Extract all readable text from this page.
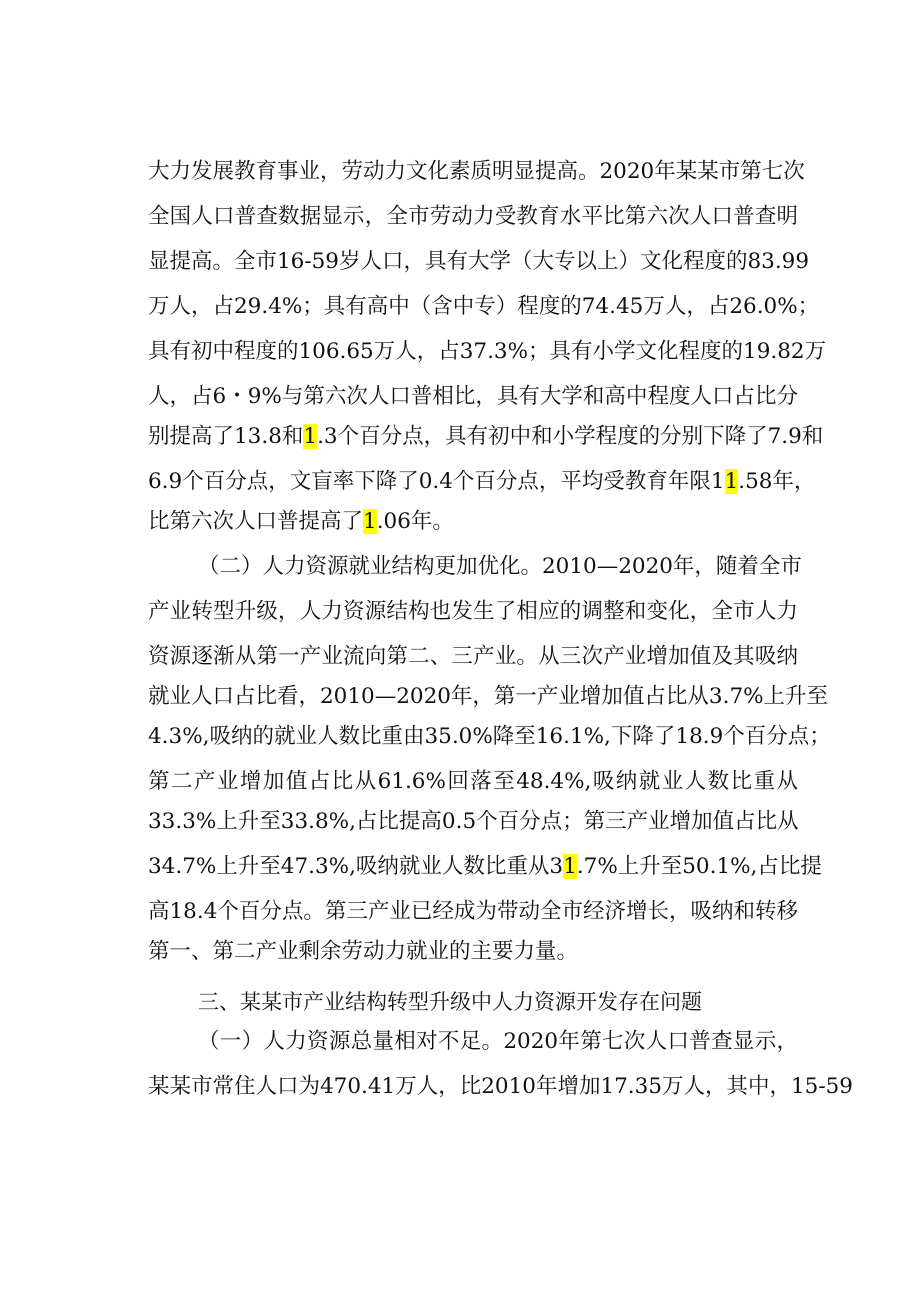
大力发展教育事业，劳动力文化素质明显提高。2020年某某市第七次
全国人口普查数据显示，全市劳动力受教育水平比第六次人口普查明
显提高。全市16-59岁人口，具有大学（大专以上）文化程度的83.99
万人，占29.4%；具有高中（含中专）程度的74.45万人，占26.0%；
具有初中程度的106.65万人，占37.3%；具有小学文化程度的19.82万
人，占6・9%与第六次人口普相比，具有大学和高中程度人口占比分
别提高了13.8和1.3个百分点，具有初中和小学程度的分别下降了7.9和
6.9个百分点，文盲率下降了0.4个百分点，平均受教育年限11.58年，
比第六次人口普提高了1.06年。
（二）人力资源就业结构更加优化。2010—2020年，随着全市
产业转型升级，人力资源结构也发生了相应的调整和变化，全市人力
资源逐渐从第一产业流向第二、三产业。从三次产业增加值及其吸纳
就业人口占比看，2010—2020年，第一产业增加值占比从3.7%上升至
4.3%,吸纳的就业人数比重由35.0%降至16.1%,下降了18.9个百分点；
第二产业增加值占比从61.6%回落至48.4%,吸纳就业人数比重从
33.3%上升至33.8%,占比提高0.5个百分点；第三产业增加值占比从
34.7%上升至47.3%,吸纳就业人数比重从31.7%上升至50.1%,占比提
高18.4个百分点。第三产业已经成为带动全市经济增长，吸纳和转移
第一、第二产业剩余劳动力就业的主要力量。
三、某某市产业结构转型升级中人力资源开发存在问题
（一）人力资源总量相对不足。2020年第七次人口普查显示，
某某市常住人口为470.41万人，比2010年增加17.35万人，其中，15-59
